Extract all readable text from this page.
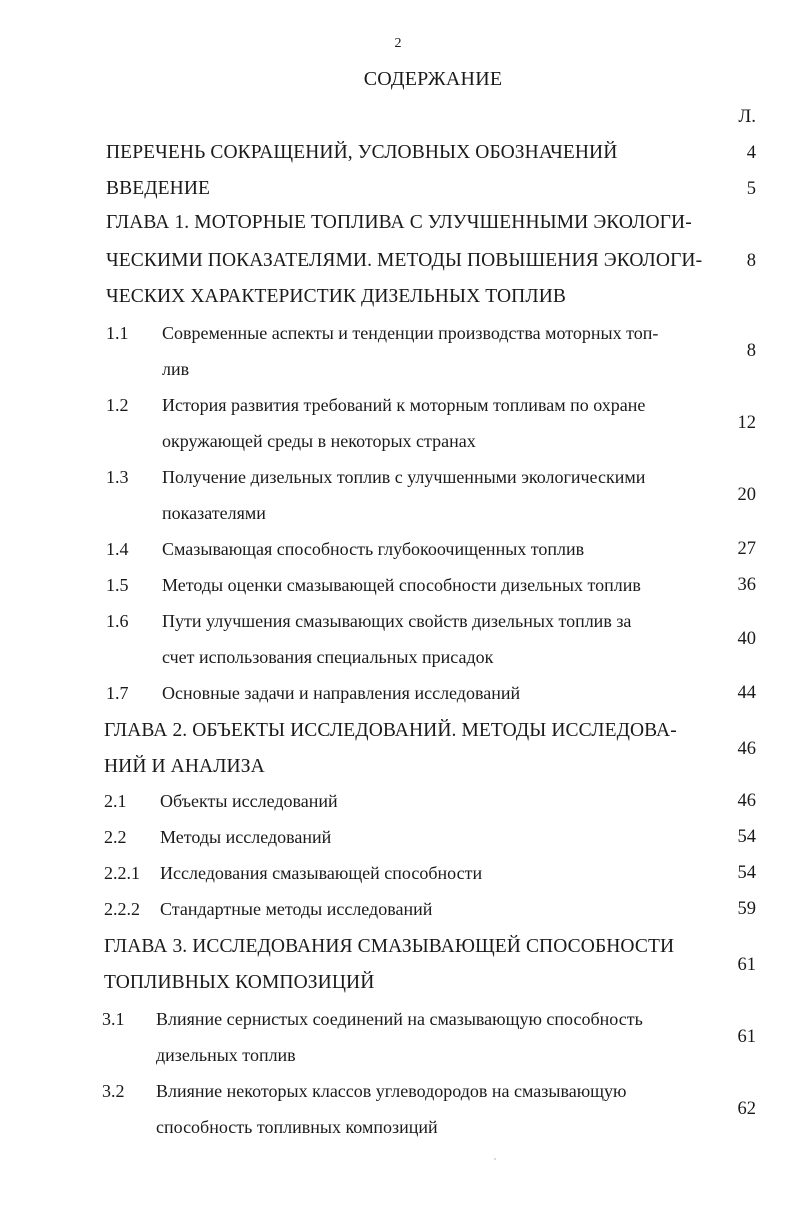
2
СОДЕРЖАНИЕ
Л.
ПЕРЕЧЕНЬ СОКРАЩЕНИЙ, УСЛОВНЫХ ОБОЗНАЧЕНИЙ	4
ВВЕДЕНИЕ	5
ГЛАВА 1. МОТОРНЫЕ ТОПЛИВА С УЛУЧШЕННЫМИ ЭКОЛОГИ-
ЧЕСКИМИ ПОКАЗАТЕЛЯМИ. МЕТОДЫ ПОВЫШЕНИЯ ЭКОЛОГИ-
ЧЕСКИХ ХАРАКТЕРИСТИК ДИЗЕЛЬНЫХ ТОПЛИВ
8
1.1 Современные аспекты и тенденции производства моторных топ-
лив
8
1.2 История развития требований к моторным топливам по охране
окружающей среды в некоторых странах
12
1.3 Получение дизельных топлив с улучшенными экологическими
показателями
20
1.4 Смазывающая способность глубокоочищенных топлив	27
1.5 Методы оценки смазывающей способности дизельных топлив	36
1.6 Пути улучшения смазывающих свойств дизельных топлив за
счет использования специальных присадок
40
1.7 Основные задачи и направления исследований	44
ГЛАВА 2. ОБЪЕКТЫ ИССЛЕДОВАНИЙ. МЕТОДЫ ИССЛЕДОВА-
НИЙ И АНАЛИЗА
46
2.1 Объекты исследований	46
2.2 Методы исследований	54
2.2.1 Исследования смазывающей способности	54
2.2.2 Стандартные методы исследований	59
ГЛАВА 3. ИССЛЕДОВАНИЯ СМАЗЫВАЮЩЕЙ СПОСОБНОСТИ
ТОПЛИВНЫХ КОМПОЗИЦИЙ
61
3.1 Влияние сернистых соединений на смазывающую способность
дизельных топлив
61
3.2 Влияние некоторых классов углеводородов на смазывающую
способность топливных композиций
62
